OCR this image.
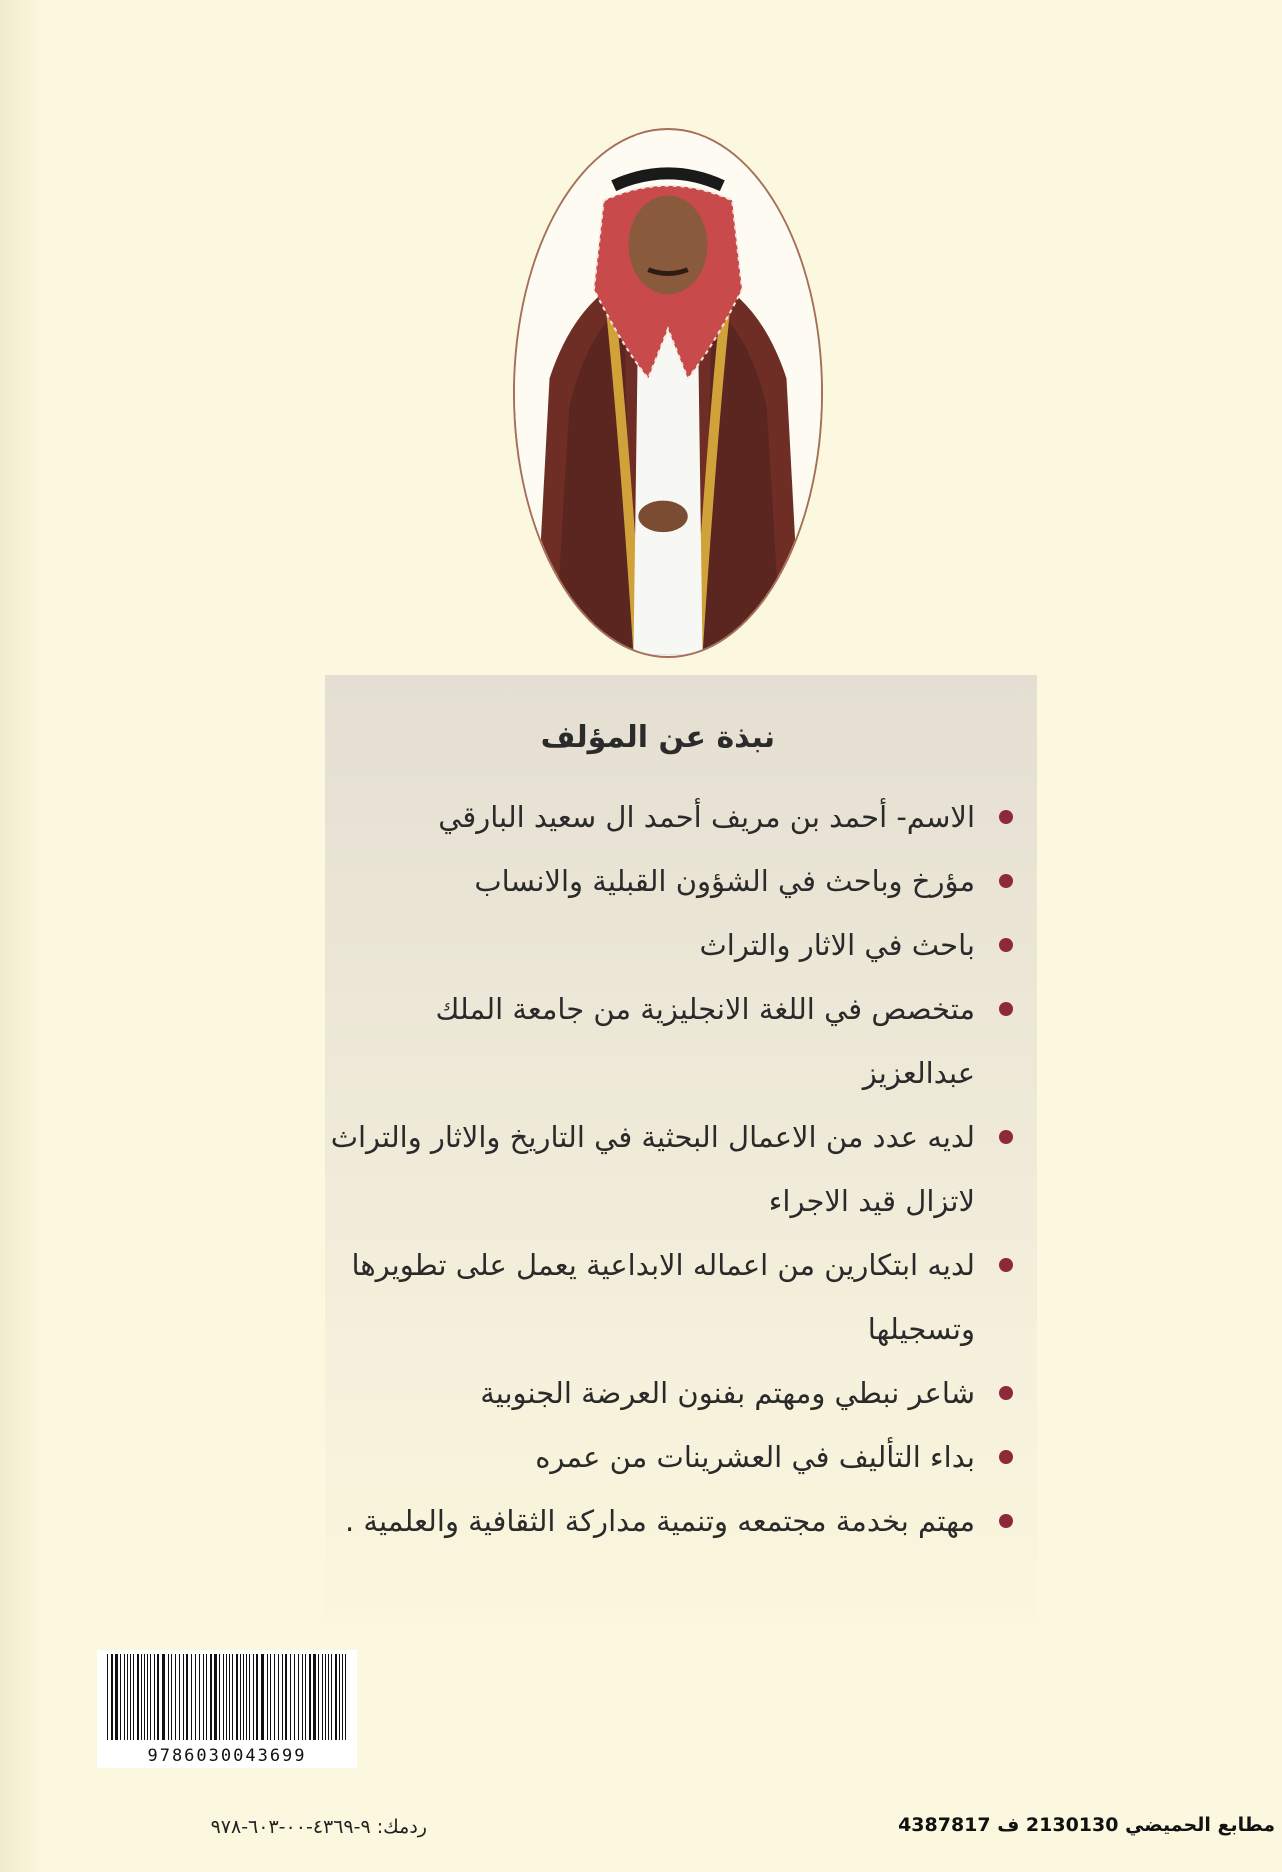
نبذة عن المؤلف
الاسم- أحمد بن مريف أحمد ال سعيد البارقي
مؤرخ وباحث في الشؤون القبلية والانساب
باحث في الاثار والتراث
متخصص في اللغة الانجليزية من جامعة الملك عبدالعزيز
لديه عدد من الاعمال البحثية في التاريخ والاثار والتراث لاتزال قيد الاجراء
لديه ابتكارين من اعماله الابداعية يعمل على تطويرها وتسجيلها
شاعر نبطي ومهتم بفنون العرضة الجنوبية
بداء التأليف في العشرينات من عمره
مهتم بخدمة مجتمعه وتنمية مداركة الثقافية والعلمية .
9786030043699
ردمك: ٩-٤٣٦٩-٠٠-٦٠٣-٩٧٨	مطابع الحميضي 2130130 ف 4387817
